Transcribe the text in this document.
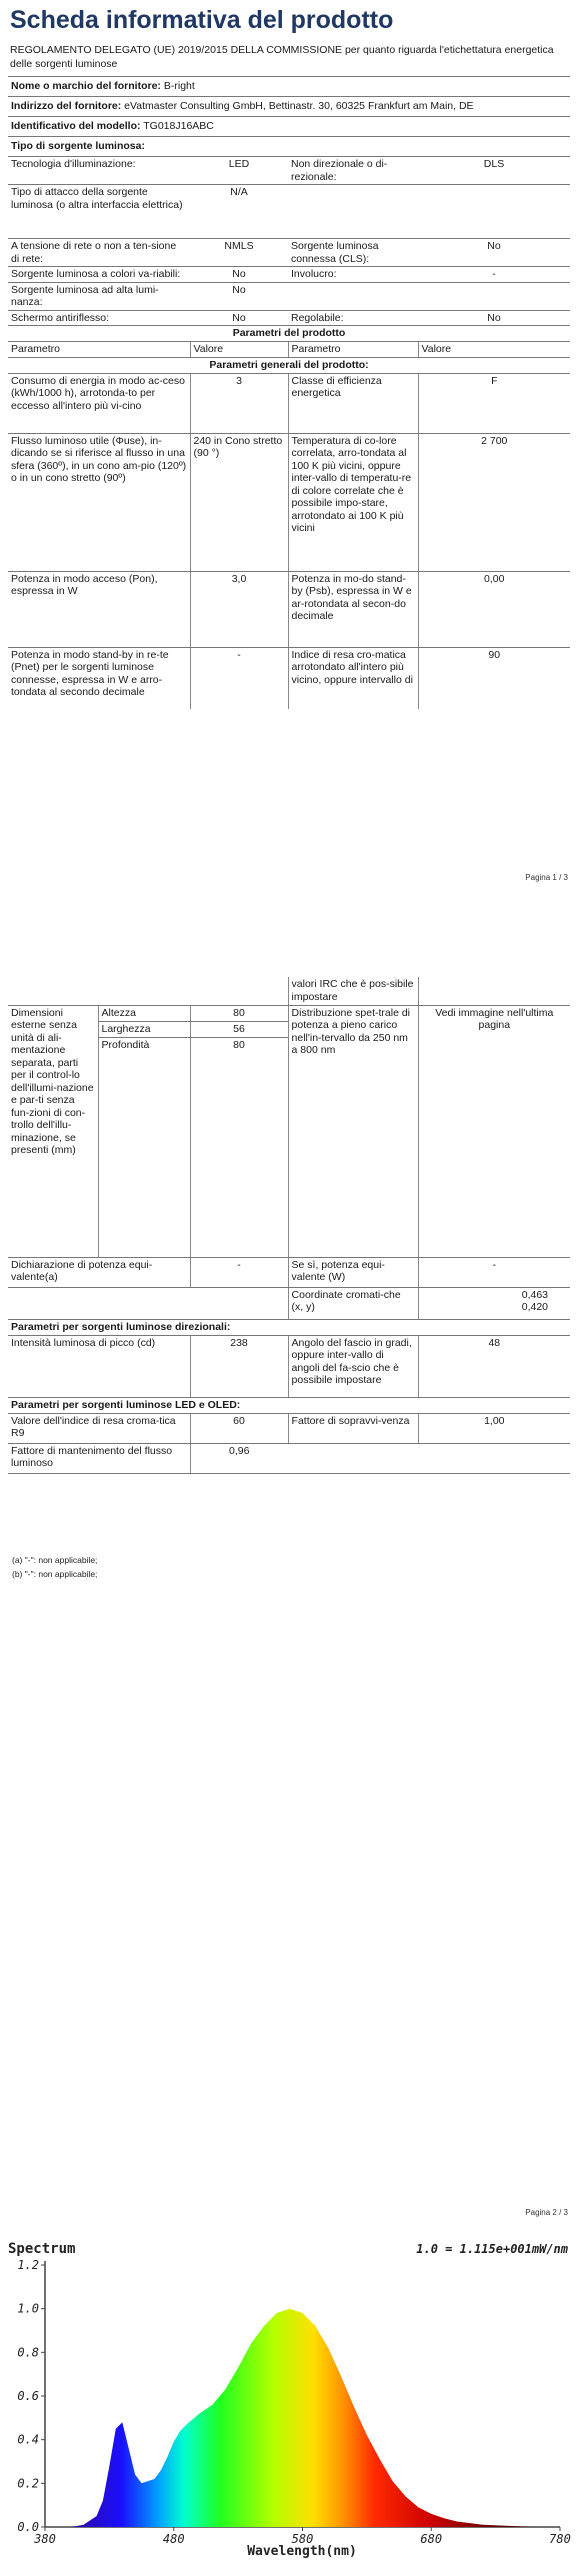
Scheda informativa del prodotto
REGOLAMENTO DELEGATO (UE) 2019/2015 DELLA COMMISSIONE per quanto riguarda l'etichettatura energetica delle sorgenti luminose
Nome o marchio del fornitore: B-right			
Indirizzo del fornitore: eVatmaster Consulting GmbH, Bettinastr. 30, 60325 Frankfurt am Main, DE			
Identificativo del modello: TG018J16ABC			
Tipo di sorgente luminosa:			
Tecnologia d'illuminazione:	LED	Non direzionale o di-rezionale:	DLS
Tipo di attacco della sorgente luminosa (o altra interfaccia elettrica)	N/A		
A tensione di rete o non a ten-sione di rete:	NMLS	Sorgente luminosa connessa (CLS):	No
Sorgente luminosa a colori va-riabili:	No	Involucro:	-
Sorgente luminosa ad alta lumi-nanza:	No		
Schermo antiriflesso:	No	Regolabile:	No
Parametri del prodotto			
Parametro	Valore	Parametro	Valore
Parametri generali del prodotto:			
Consumo di energia in modo ac-ceso (kWh/1000 h), arrotonda-to per eccesso all'intero più vi-cino	3	Classe di efficienza energetica	F
Flusso luminoso utile (Φuse), in-dicando se si riferisce al flusso in una sfera (360º), in un cono am-pio (120º) o in un cono stretto (90º)	240 in Cono stretto (90 °)	Temperatura di co-lore correlata, arro-tondata al 100 K più vicini, oppure inter-vallo di temperatu-re di colore correlate che è possibile impo-stare, arrotondato ai 100 K più vicini	2 700
Potenza in modo acceso (Pon), espressa in W	3,0	Potenza in mo-do stand-by (Psb), espressa in W e ar-rotondata al secon-do decimale	0,00
Potenza in modo stand-by in re-te (Pnet) per le sorgenti luminose connesse, espressa in W e arro-tondata al secondo decimale	-	Indice di resa cro-matica arrotondato all'intero più vicino, oppure intervallo di	90
Pagina 1 / 3
			valori IRC che è pos-sibile impostare	
Dimensioni esterne senza unità di ali-mentazione separata, parti per il control-lo dell'illumi-nazione e par-ti senza fun-zioni di con-trollo dell'illu-minazione, se presenti (mm)	Altezza	80	Distribuzione spet-trale di potenza a pieno carico nell'in-tervallo da 250 nm a 800 nm	Vedi immagine nell'ultima pagina
	Larghezza	56		
	Profondità	80		
Dichiarazione di potenza equi-valente(a)		-	Se sì, potenza equi-valente (W)	-
			Coordinate cromati-che (x, y)	0,463
0,420

Parametri per sorgenti luminose direzionali:				
Intensità luminosa di picco (cd)		238	Angolo del fascio in gradi, oppure inter-vallo di angoli del fa-scio che è possibile impostare	48
Parametri per sorgenti luminose LED e OLED:				
Valore dell'indice di resa croma-tica R9		60	Fattore di sopravvi-venza	1,00
Fattore di mantenimento del flusso luminoso		0,96		
(a) "-": non applicabile;
(b) "-": non applicabile;
Pagina 2 / 3
Spectrum	1.0 = 1.115e+001mW/nm
0.0
0.2
0.4
0.6
0.8
1.0
1.2
380	480	580	680	780
Wavelength(nm)
